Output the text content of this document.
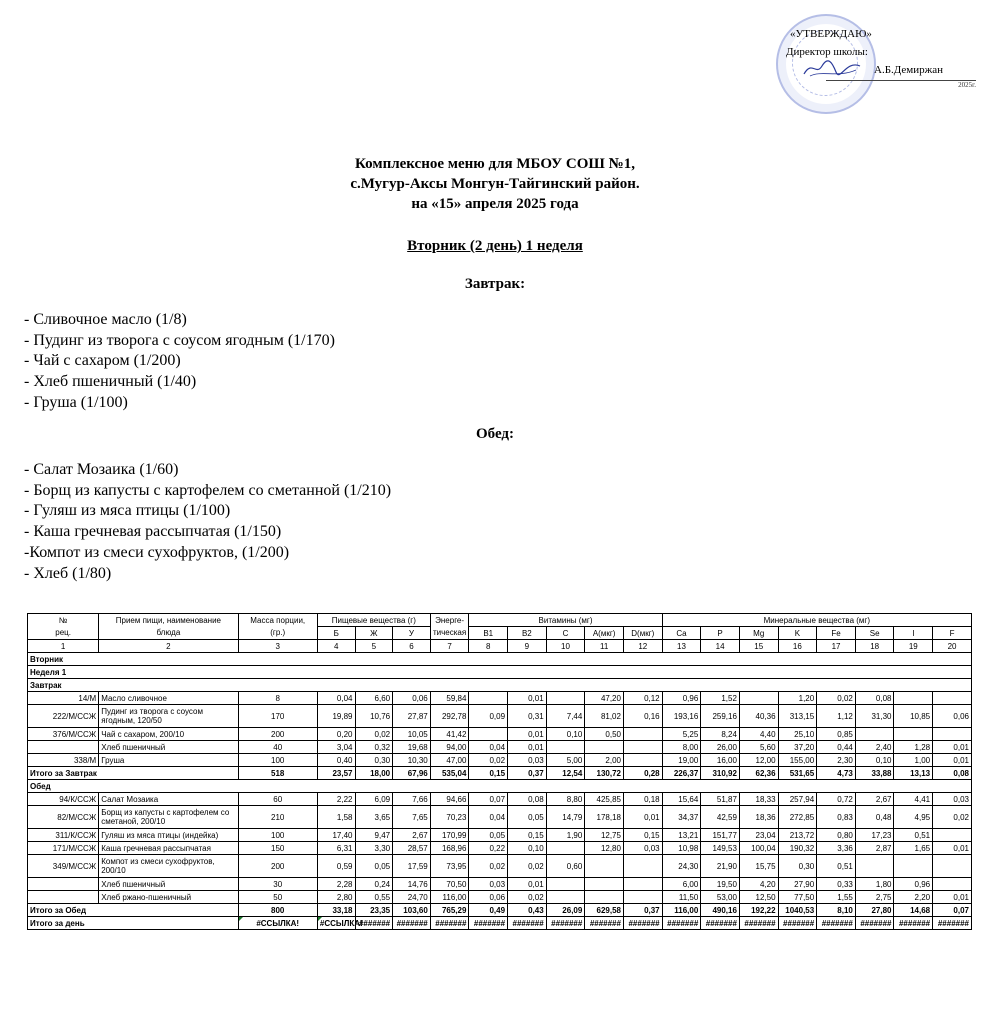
«УТВЕРЖДАЮ»
Директор школы:
А.Б.Демиржан
2025г.
Комплексное меню для МБОУ СОШ №1,
с.Мугур-Аксы Монгун-Тайгинский район.
на «15» апреля 2025 года
Вторник (2 день) 1 неделя
Завтрак:
- Сливочное масло (1/8)
- Пудинг из творога с соусом ягодным (1/170)
- Чай с сахаром (1/200)
- Хлеб пшеничный (1/40)
- Груша (1/100)
Обед:
- Салат Мозаика (1/60)
- Борщ из капусты с картофелем со сметанной (1/210)
- Гуляш из мяса птицы (1/100)
- Каша гречневая рассыпчатая (1/150)
-Компот из смеси сухофруктов, (1/200)
- Хлеб (1/80)
№	Прием пищи, наименование	Масса порции,	Пищевые вещества (г)			Энерге-	Витамины (мг)					Минеральные вещества (мг)							
рец.	блюда	(гр.)	Б	Ж	У	тическая	B1	B2	C	A(мкг)	D(мкг)	Ca	P	Mg	K	Fe	Se	I	F
1	2	3	4	5	6	7	8	9	10	11	12	13	14	15	16	17	18	19	20
Вторник																			
Неделя 1																			
Завтрак																			
14/М	Масло сливочное	8	0,04	6,60	0,06	59,84		0,01		47,20	0,12	0,96	1,52		1,20	0,02	0,08		
222/М/ССЖ	Пудинг из творога с соусом ягодным, 120/50	170	19,89	10,76	27,87	292,78	0,09	0,31	7,44	81,02	0,16	193,16	259,16	40,36	313,15	1,12	31,30	10,85	0,06
376/М/ССЖ	Чай с сахаром, 200/10	200	0,20	0,02	10,05	41,42		0,01	0,10	0,50		5,25	8,24	4,40	25,10	0,85			
	Хлеб пшеничный	40	3,04	0,32	19,68	94,00	0,04	0,01				8,00	26,00	5,60	37,20	0,44	2,40	1,28	0,01
338/М	Груша	100	0,40	0,30	10,30	47,00	0,02	0,03	5,00	2,00		19,00	16,00	12,00	155,00	2,30	0,10	1,00	0,01
Итого за Завтрак		518	23,57	18,00	67,96	535,04	0,15	0,37	12,54	130,72	0,28	226,37	310,92	62,36	531,65	4,73	33,88	13,13	0,08
Обед																			
94/К/ССЖ	Салат Мозаика	60	2,22	6,09	7,66	94,66	0,07	0,08	8,80	425,85	0,18	15,64	51,87	18,33	257,94	0,72	2,67	4,41	0,03
82/М/ССЖ	Борщ из капусты с картофелем со сметаной, 200/10	210	1,58	3,65	7,65	70,23	0,04	0,05	14,79	178,18	0,01	34,37	42,59	18,36	272,85	0,83	0,48	4,95	0,02
311/К/ССЖ	Гуляш из мяса птицы (индейка)	100	17,40	9,47	2,67	170,99	0,05	0,15	1,90	12,75	0,15	13,21	151,77	23,04	213,72	0,80	17,23	0,51	
171/М/ССЖ	Каша гречневая рассыпчатая	150	6,31	3,30	28,57	168,96	0,22	0,10		12,80	0,03	10,98	149,53	100,04	190,32	3,36	2,87	1,65	0,01
349/М/ССЖ	Компот из смеси сухофруктов, 200/10	200	0,59	0,05	17,59	73,95	0,02	0,02	0,60			24,30	21,90	15,75	0,30	0,51			
	Хлеб пшеничный	30	2,28	0,24	14,76	70,50	0,03	0,01				6,00	19,50	4,20	27,90	0,33	1,80	0,96	
	Хлеб ржано-пшеничный	50	2,80	0,55	24,70	116,00	0,06	0,02				11,50	53,00	12,50	77,50	1,55	2,75	2,20	0,01
Итого за Обед		800	33,18	23,35	103,60	765,29	0,49	0,43	26,09	629,58	0,37	116,00	490,16	192,22	1040,53	8,10	27,80	14,68	0,07
Итого за день		#ССЫЛКА!	#ССЫЛКА!	#######	#######	#######	#######	#######	#######	#######	#######	#######	#######	#######	#######	#######	#######	#######	#######
